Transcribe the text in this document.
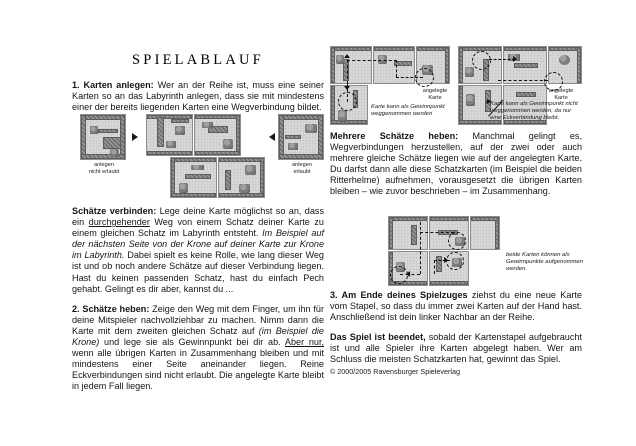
SPIELABLAUF

1. Karten anlegen: Wer an der Reihe ist, muss eine seiner Karten so an das Labyrinth anlegen, dass sie mit mindestens einer der bereits liegenden Karten eine Wegverbindung bildet.

anlegen
nicht erlaubt
anlegen
erlaubt

Schätze verbinden: Lege deine Karte möglichst so an, dass ein durchgehender Weg von einem Schatz deiner Karte zu einem gleichen Schatz im Labyrinth entsteht. Im Beispiel auf der nächsten Seite von der Krone auf deiner Karte zur Krone im Labyrinth. Dabei spielt es keine Rolle, wie lang dieser Weg ist und ob noch andere Schätze auf dieser Verbindung liegen. Hast du keinen passenden Schatz, hast du einfach Pech gehabt. Gelingt es dir aber, kannst du ...

2. Schätze heben: Zeige den Weg mit dem Finger, um ihn für deine Mitspieler nachvollziehbar zu machen. Nimm dann die Karte mit dem zweiten gleichen Schatz auf (im Beispiel die Krone) und lege sie als Gewinnpunkt bei dir ab. Aber nur, wenn alle übrigen Karten in Zusammenhang bleiben und mit mindestens einer Seite aneinander liegen. Reine Eckverbindungen sind nicht erlaubt. Die angelegte Karte bleibt in jedem Fall liegen.

angelegte
Karte
Karte kann als Gewinnpunkt weggenommen werden
angelegte
Karte
Karte kann als Gewinnpunkt nicht weggenommen werden, da nur eine Eckverbindung bleibt.

Mehrere Schätze heben: Manchmal gelingt es, Wegverbindungen herzustellen, auf der zwei oder auch mehrere gleiche Schätze liegen wie auf der angelegten Karte. Du darfst dann alle diese Schatzkarten (im Beispiel die beiden Ritterhelme) aufnehmen, vorausgesetzt die übrigen Karten bleiben – wie zuvor beschrieben – im Zusammenhang.

beide Karten können als Gewinnpunkte aufgenommen werden.

3. Am Ende deines Spielzuges ziehst du eine neue Karte vom Stapel, so dass du immer zwei Karten auf der Hand hast. Anschließend ist dein linker Nachbar an der Reihe.

Das Spiel ist beendet, sobald der Kartenstapel aufgebraucht ist und alle Spieler ihre Karten abgelegt haben. Wer am Schluss die meisten Schatzkarten hat, gewinnt das Spiel.

© 2000/2005 Ravensburger Spieleverlag
